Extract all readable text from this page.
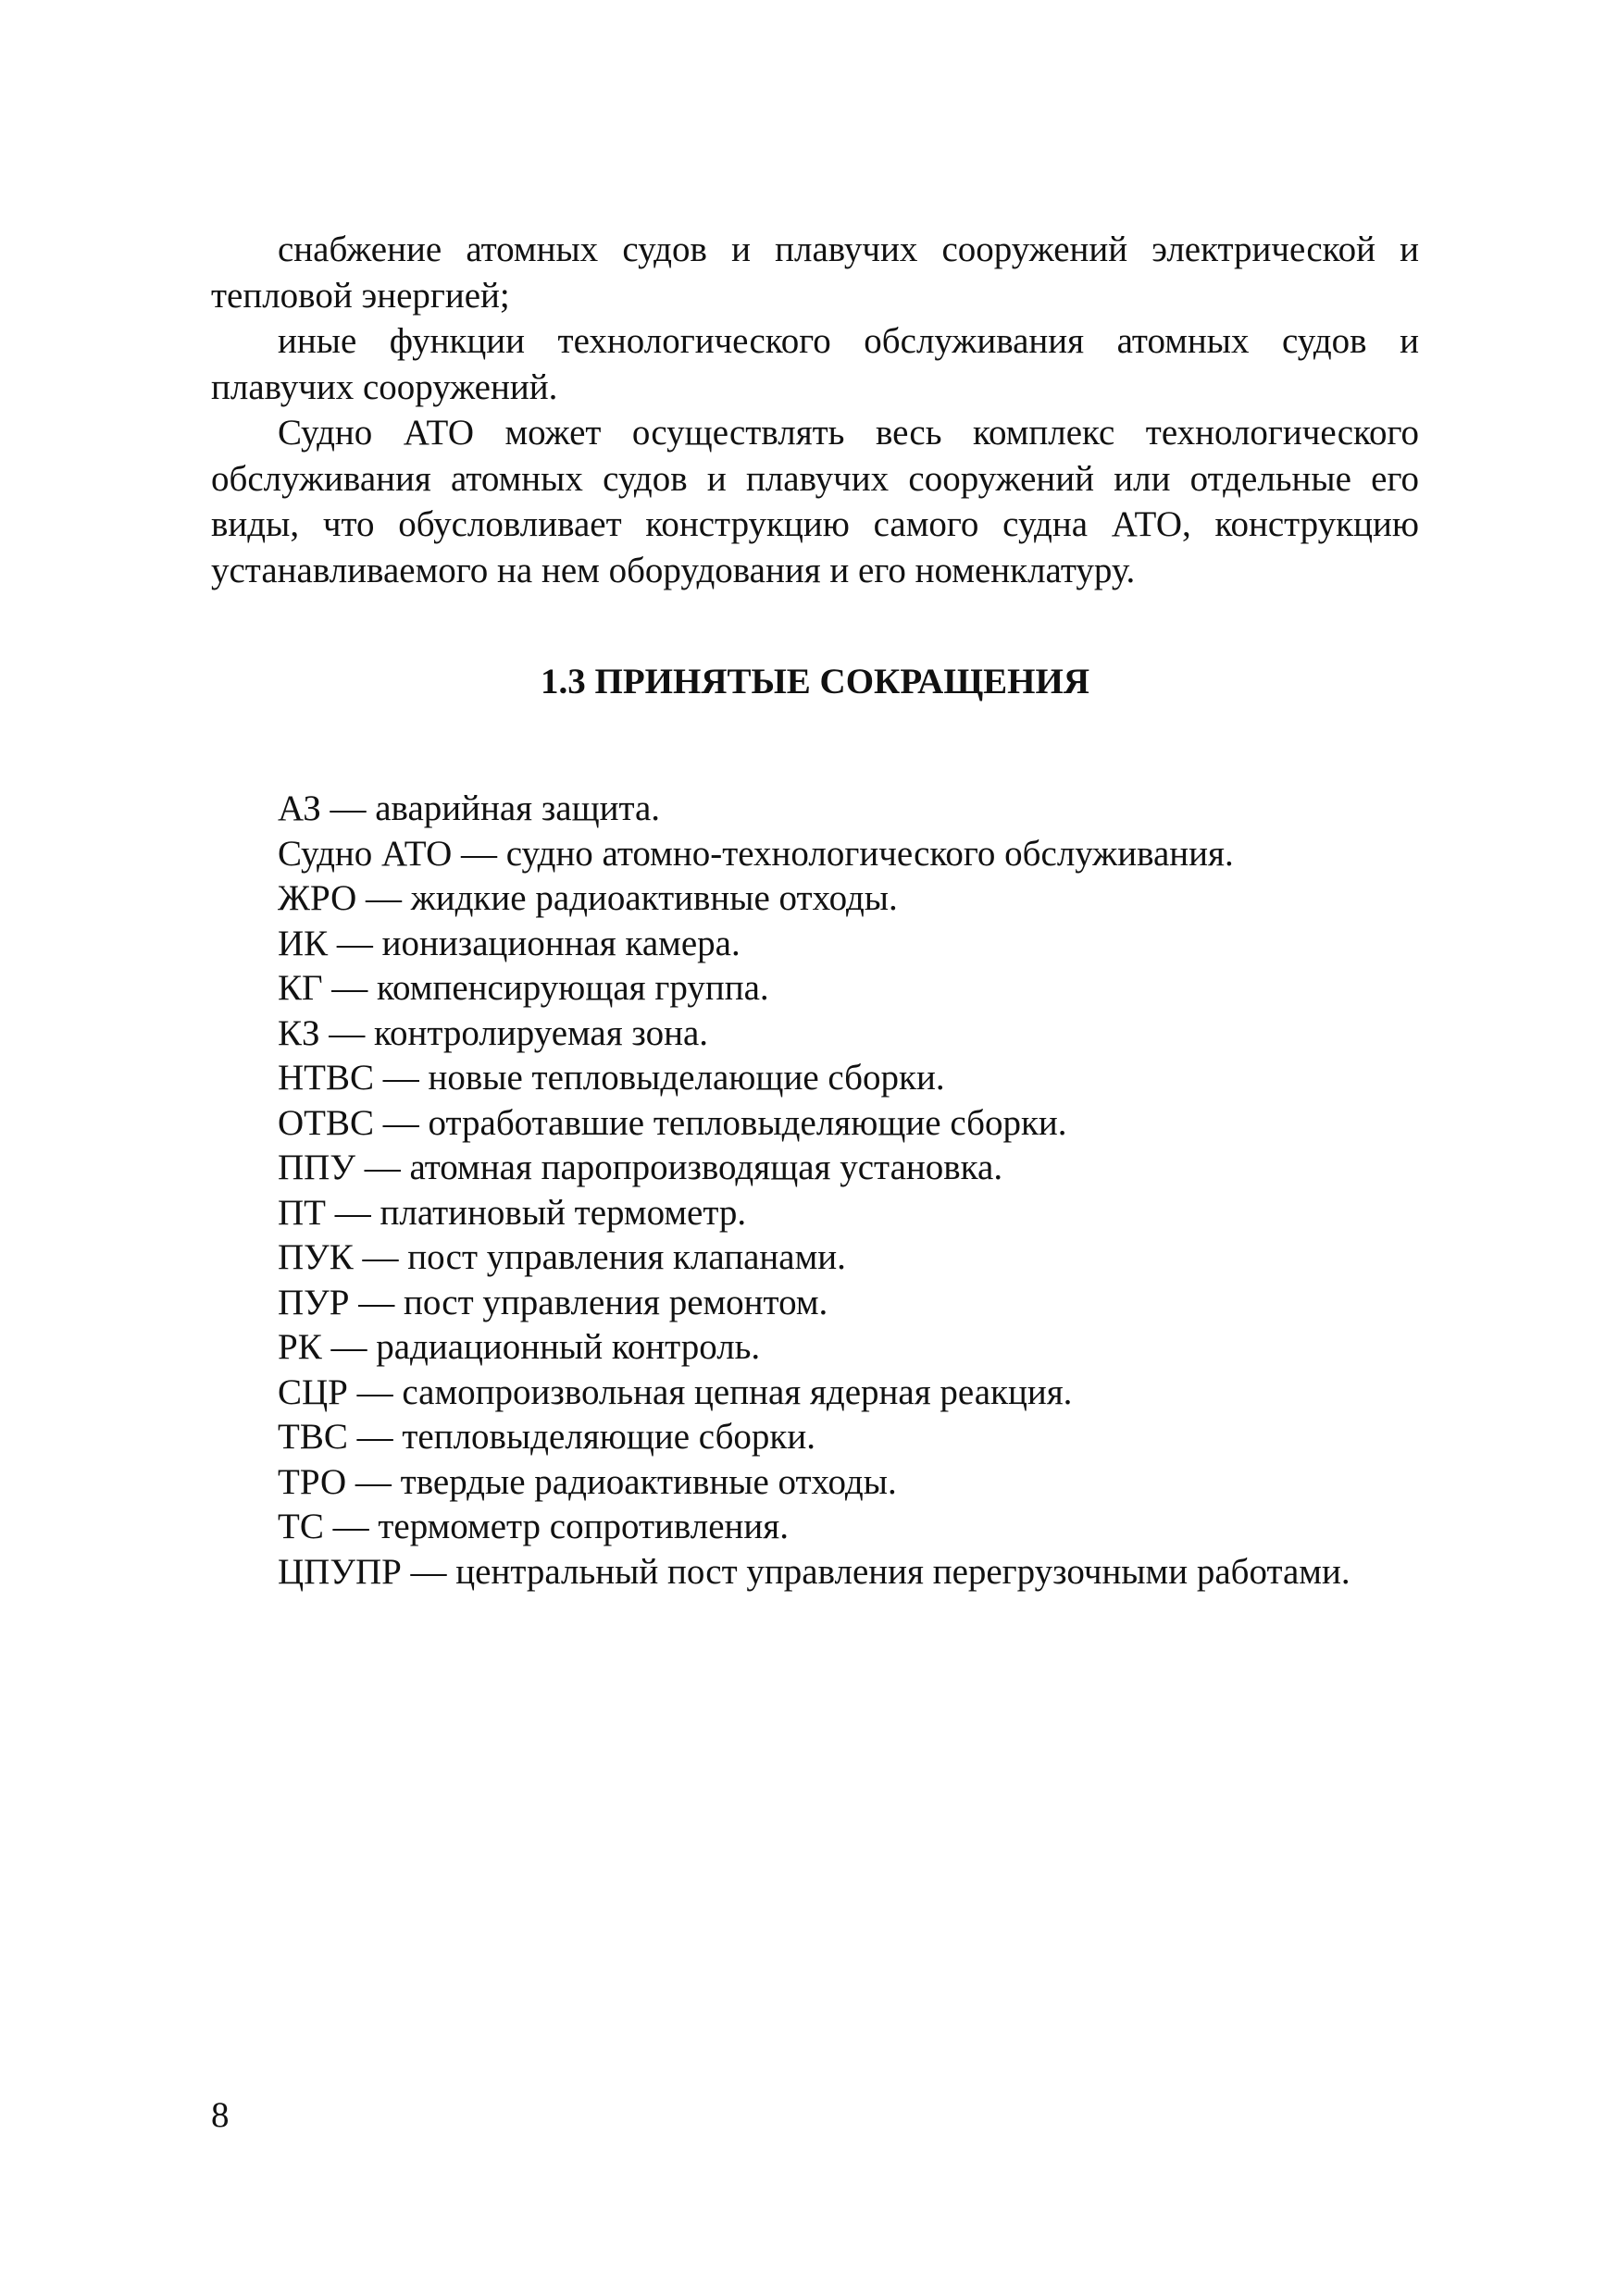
снабжение атомных судов и плавучих сооружений электрической и тепловой энергией;

иные функции технологического обслуживания атомных судов и плавучих сооружений.

Судно АТО может осуществлять весь комплекс технологического обслуживания атомных судов и плавучих сооружений или отдельные его виды, что обусловливает конструкцию самого судна АТО, конструкцию устанавливаемого на нем оборудования и его номенклатуру.

1.3 ПРИНЯТЫЕ СОКРАЩЕНИЯ
АЗ — аварийная защита.
Судно АТО — судно атомно-технологического обслуживания.
ЖРО — жидкие радиоактивные отходы.
ИК — ионизационная камера.
КГ — компенсирующая группа.
КЗ — контролируемая зона.
НТВС — новые тепловыделающие сборки.
ОТВС — отработавшие тепловыделяющие сборки.
ППУ — атомная паропроизводящая установка.
ПТ — платиновый термометр.
ПУК — пост управления клапанами.
ПУР — пост управления ремонтом.
РК — радиационный контроль.
СЦР — самопроизвольная цепная ядерная реакция.
ТВС — тепловыделяющие сборки.
ТРО — твердые радиоактивные отходы.
ТС — термометр сопротивления.
ЦПУПР — центральный пост управления перегрузочными работами.
8
